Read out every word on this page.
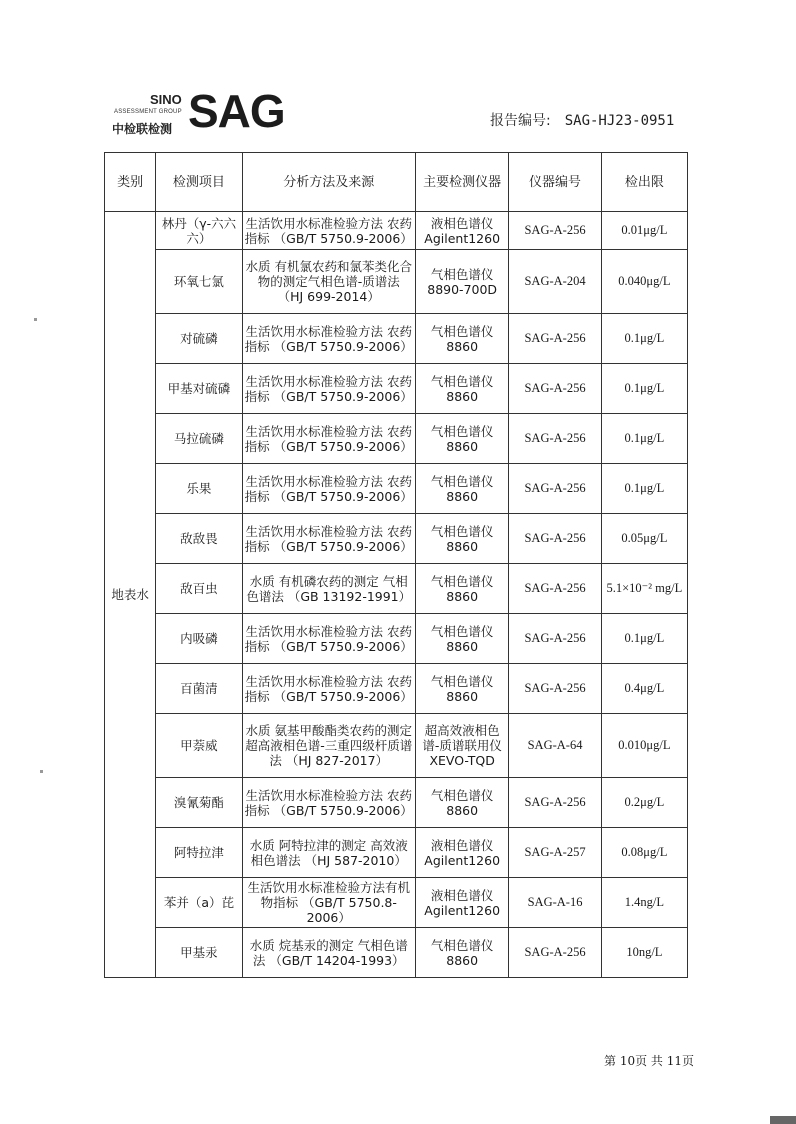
SINO
ASSESSMENT GROUP
中检联检测 SAG	报告编号: SAG-HJ23-0951
类别	检测项目	分析方法及来源	主要检测仪器	仪器编号	检出限
地表水	林丹（γ-六六六）	生活饮用水标准检验方法 农药指标 （GB/T 5750.9-2006）	液相色谱仪 Agilent1260	SAG-A-256	0.01μg/L
	环氧七氯	水质 有机氯农药和氯苯类化合物的测定气相色谱-质谱法 （HJ 699-2014）	气相色谱仪 8890-700D	SAG-A-204	0.040μg/L
	对硫磷	生活饮用水标准检验方法 农药指标 （GB/T 5750.9-2006）	气相色谱仪 8860	SAG-A-256	0.1μg/L
	甲基对硫磷	生活饮用水标准检验方法 农药指标 （GB/T 5750.9-2006）	气相色谱仪 8860	SAG-A-256	0.1μg/L
	马拉硫磷	生活饮用水标准检验方法 农药指标 （GB/T 5750.9-2006）	气相色谱仪 8860	SAG-A-256	0.1μg/L
	乐果	生活饮用水标准检验方法 农药指标 （GB/T 5750.9-2006）	气相色谱仪 8860	SAG-A-256	0.1μg/L
	敌敌畏	生活饮用水标准检验方法 农药指标 （GB/T 5750.9-2006）	气相色谱仪 8860	SAG-A-256	0.05μg/L
	敌百虫	水质 有机磷农药的测定 气相色谱法 （GB 13192-1991）	气相色谱仪 8860	SAG-A-256	5.1×10⁻² mg/L
	内吸磷	生活饮用水标准检验方法 农药指标 （GB/T 5750.9-2006）	气相色谱仪 8860	SAG-A-256	0.1μg/L
	百菌清	生活饮用水标准检验方法 农药指标 （GB/T 5750.9-2006）	气相色谱仪 8860	SAG-A-256	0.4μg/L
	甲萘威	水质 氨基甲酸酯类农药的测定 超高液相色谱-三重四级杆质谱法 （HJ 827-2017）	超高效液相色谱-质谱联用仪 XEVO-TQD	SAG-A-64	0.010μg/L
	溴氰菊酯	生活饮用水标准检验方法 农药指标 （GB/T 5750.9-2006）	气相色谱仪 8860	SAG-A-256	0.2μg/L
	阿特拉津	水质 阿特拉津的测定 高效液相色谱法 （HJ 587-2010）	液相色谱仪 Agilent1260	SAG-A-257	0.08μg/L
	苯并（a）芘	生活饮用水标准检验方法有机物指标 （GB/T 5750.8-2006）	液相色谱仪 Agilent1260	SAG-A-16	1.4ng/L
	甲基汞	水质 烷基汞的测定 气相色谱法 （GB/T 14204-1993）	气相色谱仪 8860	SAG-A-256	10ng/L
第 10页 共 11页
